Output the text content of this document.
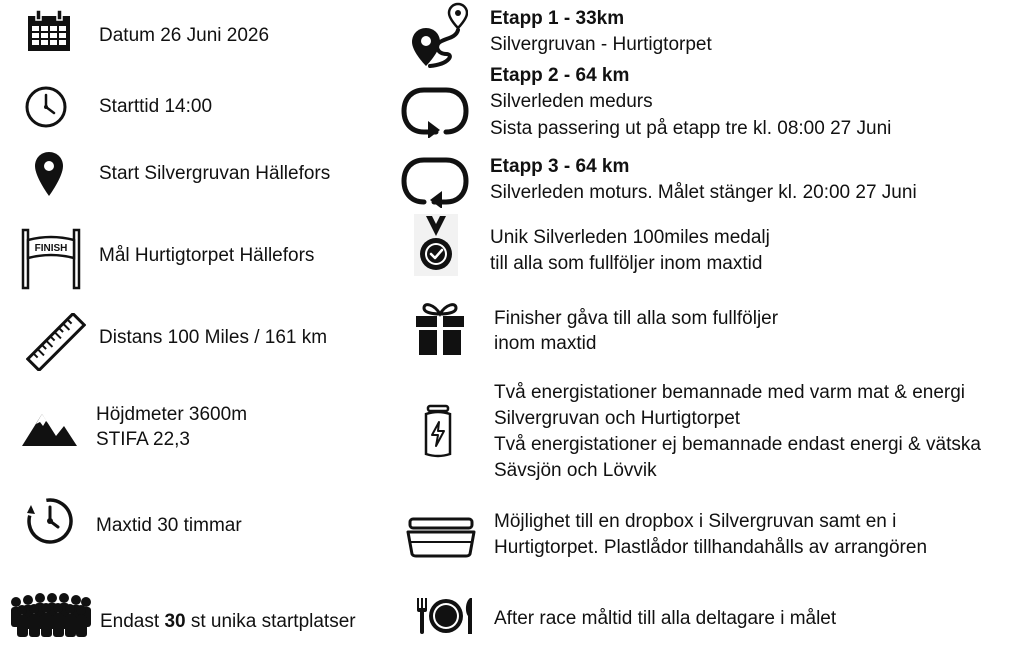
Datum 26 Juni 2026
Starttid 14:00
Start Silvergruvan Hällefors
FINISH Mål Hurtigtorpet Hällefors
Distans 100 Miles / 161 km
Höjdmeter 3600m
STIFA 22,3
Maxtid 30 timmar
Endast 30 st unika startplatser
Etapp 1 - 33km
Silvergruvan - Hurtigtorpet
Etapp 2 - 64 km
Silverleden medurs
Sista passering ut på etapp tre kl. 08:00 27 Juni
Etapp 3 - 64 km
Silverleden moturs. Målet stänger kl. 20:00 27 Juni
Unik Silverleden 100miles medalj
till alla som fullföljer inom maxtid
Finisher gåva till alla som fullföljer
inom maxtid
Två energistationer bemannade med varm mat & energi
Silvergruvan och Hurtigtorpet
Två energistationer ej bemannade endast energi & vätska
Sävsjön och Lövvik
Möjlighet till en dropbox i Silvergruvan samt en i
Hurtigtorpet. Plastlådor tillhandahålls av arrangören
After race måltid till alla deltagare i målet
